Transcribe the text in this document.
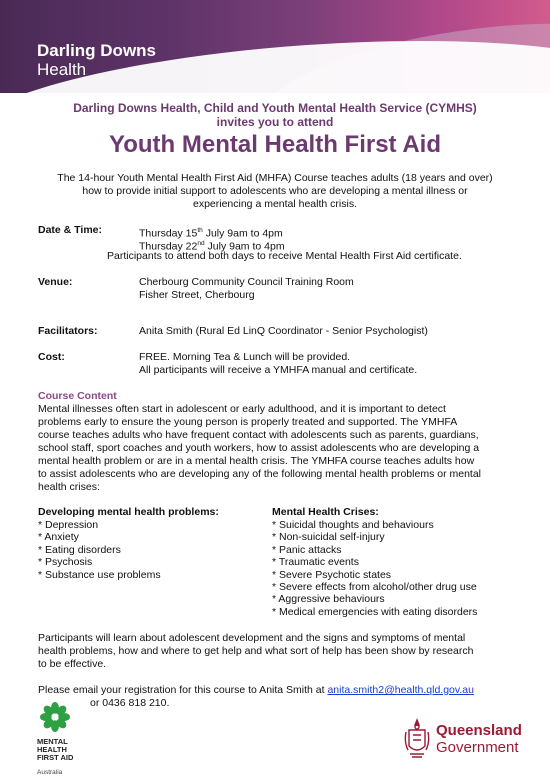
Darling Downs
Health
Darling Downs Health, Child and Youth Mental Health Service (CYMHS)
invites you to attend
Youth Mental Health First Aid
The 14-hour Youth Mental Health First Aid (MHFA) Course teaches adults (18 years and over)
how to provide initial support to adolescents who are developing a mental illness or
experiencing a mental health crisis.
Date & Time:	Thursday 15th July 9am to 4pm
Thursday 22nd July 9am to 4pm
Participants to attend both days to receive Mental Health First Aid certificate.
Venue:	Cherbourg Community Council Training Room
Fisher Street, Cherbourg
Facilitators:	Anita Smith (Rural Ed LinQ Coordinator - Senior Psychologist)
Cost:	FREE. Morning Tea & Lunch will be provided.
All participants will receive a YMHFA manual and certificate.
Course Content
Mental illnesses often start in adolescent or early adulthood, and it is important to detect
problems early to ensure the young person is properly treated and supported. The YMHFA
course teaches adults who have frequent contact with adolescents such as parents, guardians,
school staff, sport coaches and youth workers, how to assist adolescents who are developing a
mental health problem or are in a mental health crisis. The YMHFA course teaches adults how
to assist adolescents who are developing any of the following mental health problems or mental
health crises:
Developing mental health problems:
* Depression
* Anxiety
* Eating disorders
* Psychosis
* Substance use problems
Mental Health Crises:
* Suicidal thoughts and behaviours
* Non-suicidal self-injury
* Panic attacks
* Traumatic events
* Severe Psychotic states
* Severe effects from alcohol/other drug use
* Aggressive behaviours
* Medical emergencies with eating disorders
Participants will learn about adolescent development and the signs and symptoms of mental
health problems, how and where to get help and what sort of help has been show by research
to be effective.
Please email your registration for this course to Anita Smith at anita.smith2@health.qld.gov.au
or 0436 818 210.
MENTAL
HEALTH
FIRST AID
Australia
Queensland
Government
